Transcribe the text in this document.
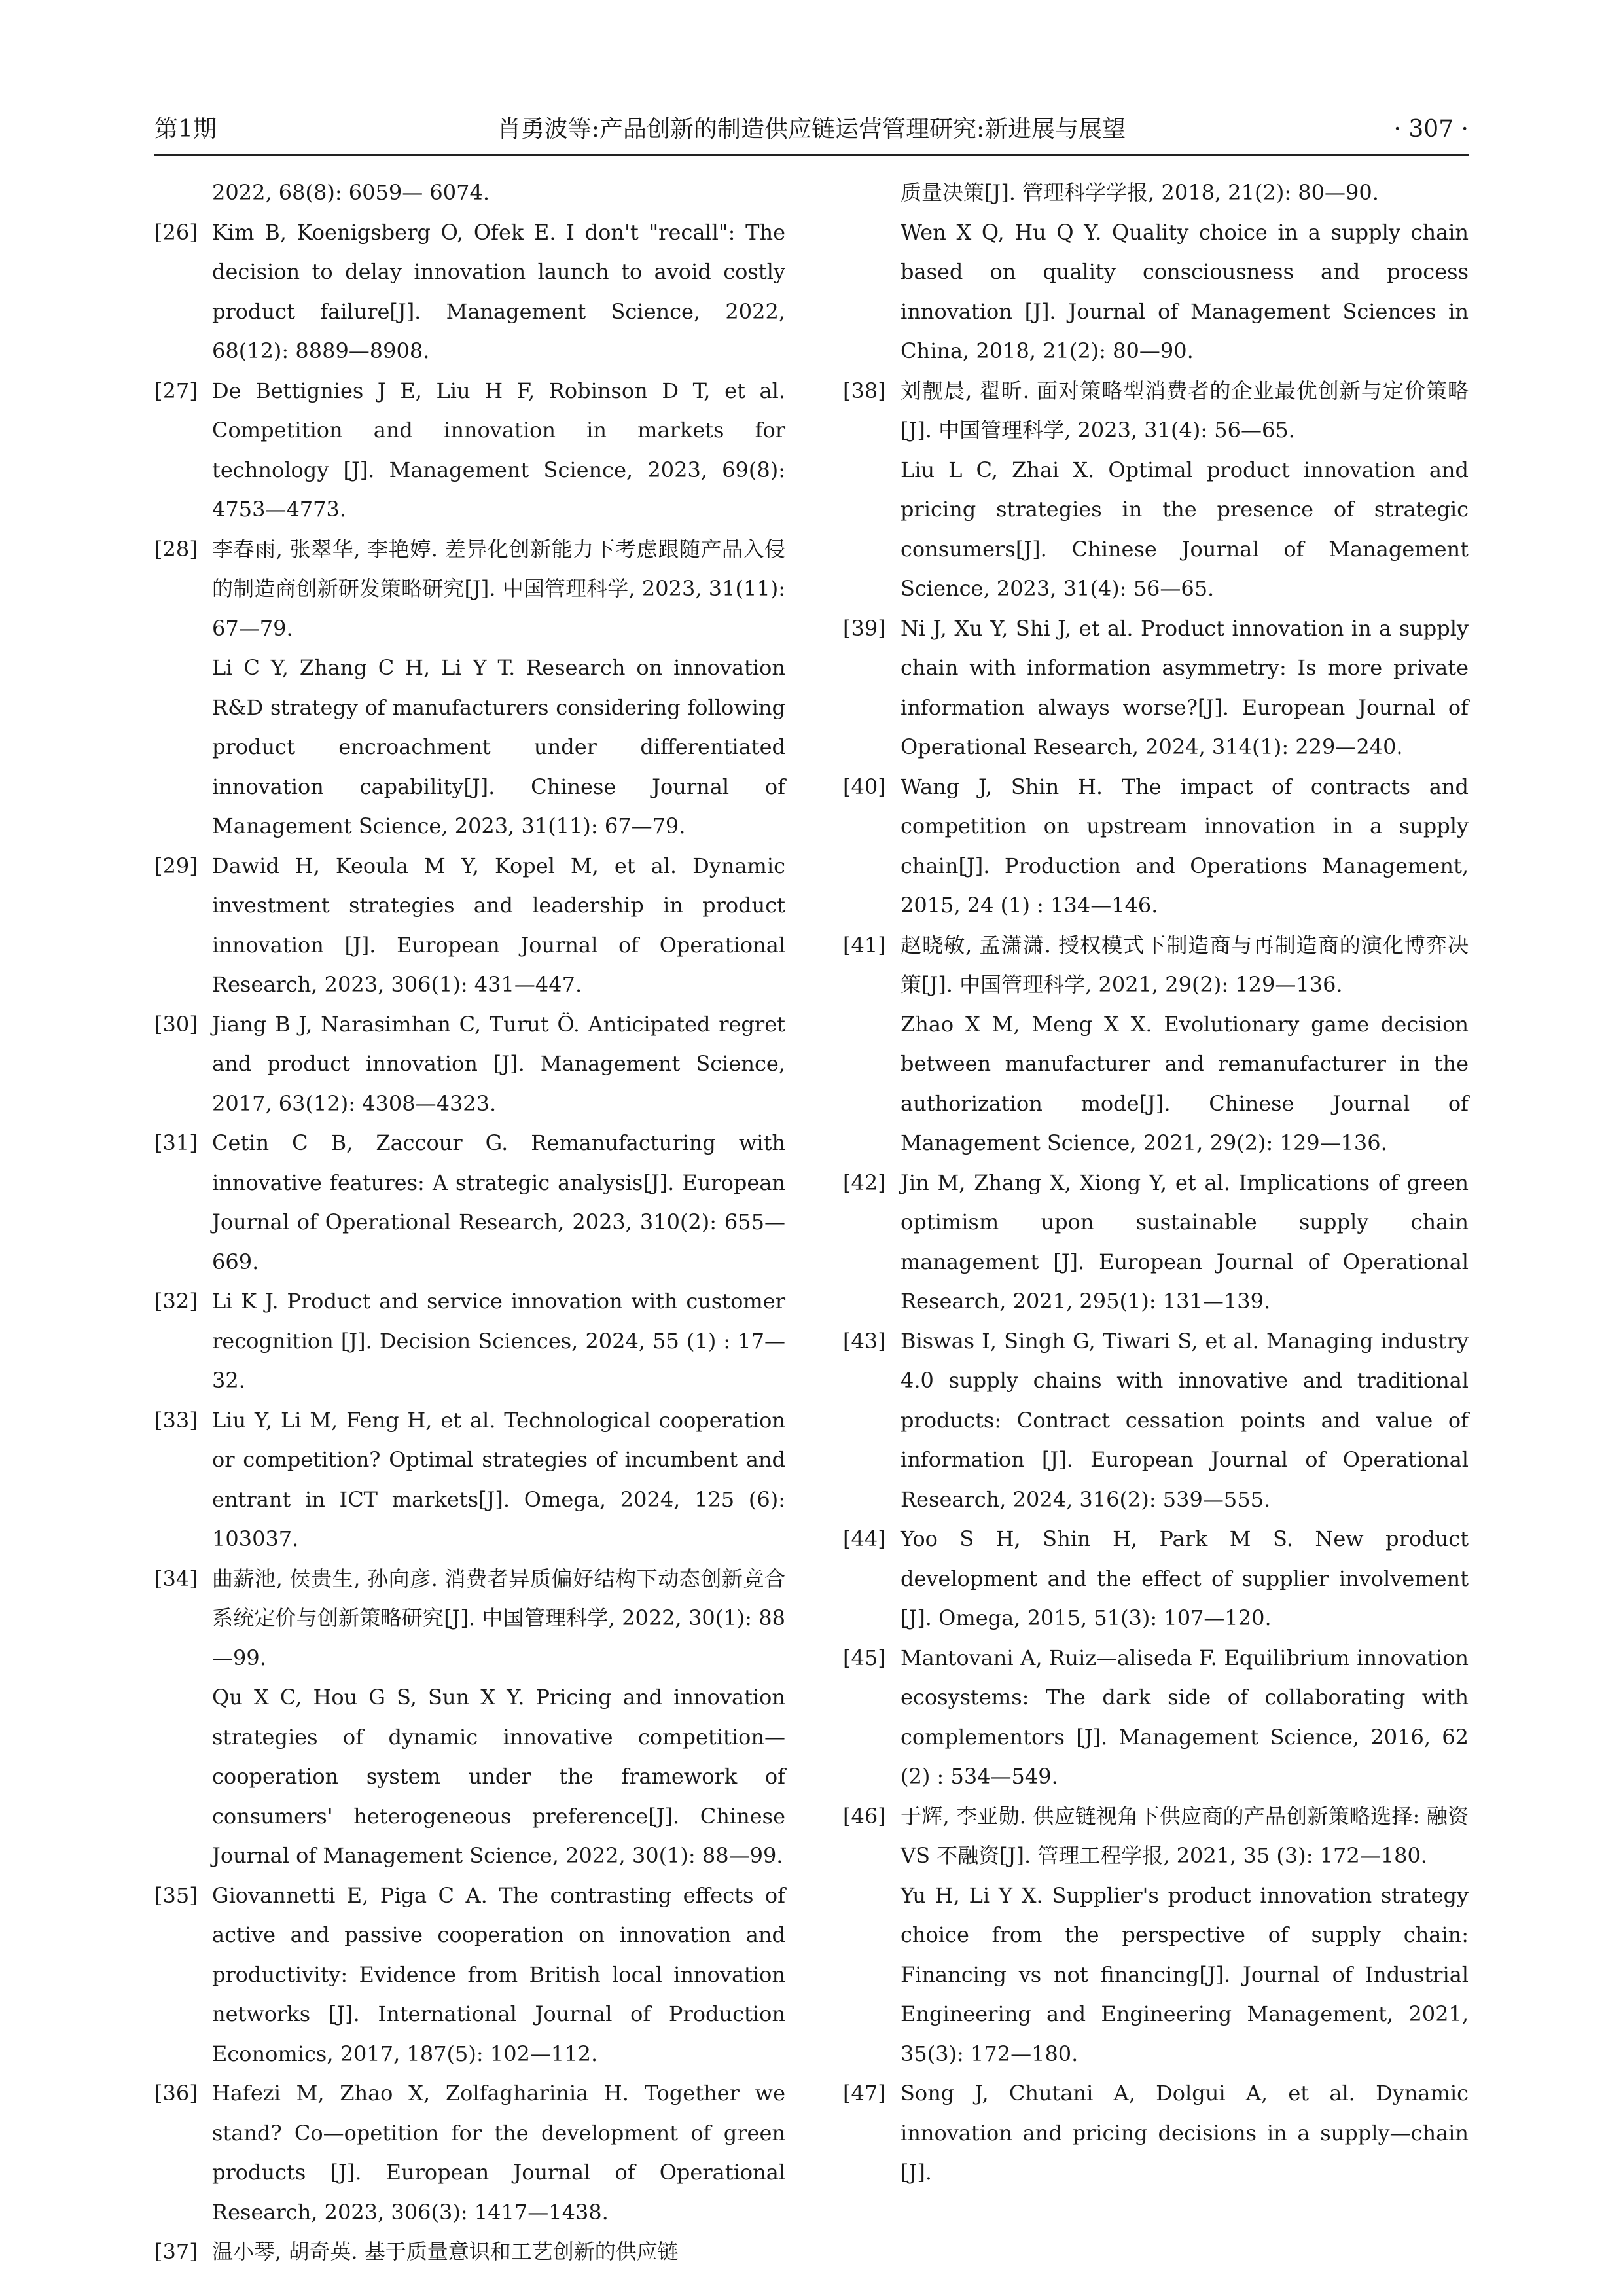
第1期	肖勇波等:产品创新的制造供应链运营管理研究:新进展与展望	· 307 ·
2022, 68(8): 6059— 6074.
[26] Kim B, Koenigsberg O, Ofek E. I don't "recall": The decision to delay innovation launch to avoid costly product failure[J]. Management Science, 2022, 68(12): 8889—8908.
[27] De Bettignies J E, Liu H F, Robinson D T, et al. Competition and innovation in markets for technology [J]. Management Science, 2023, 69(8): 4753—4773.
[28] 李春雨, 张翠华, 李艳婷. 差异化创新能力下考虑跟随产品入侵的制造商创新研发策略研究[J]. 中国管理科学, 2023, 31(11): 67—79.
Li C Y, Zhang C H, Li Y T. Research on innovation R&D strategy of manufacturers considering following product encroachment under differentiated innovation capability[J]. Chinese Journal of Management Science, 2023, 31(11): 67—79.
[29] Dawid H, Keoula M Y, Kopel M, et al. Dynamic investment strategies and leadership in product innovation [J]. European Journal of Operational Research, 2023, 306(1): 431—447.
[30] Jiang B J, Narasimhan C, Turut Ö. Anticipated regret and product innovation [J]. Management Science, 2017, 63(12): 4308—4323.
[31] Cetin C B, Zaccour G. Remanufacturing with innovative features: A strategic analysis[J]. European Journal of Operational Research, 2023, 310(2): 655—669.
[32] Li K J. Product and service innovation with customer recognition [J]. Decision Sciences, 2024, 55 (1) : 17—32.
[33] Liu Y, Li M, Feng H, et al. Technological cooperation or competition? Optimal strategies of incumbent and entrant in ICT markets[J]. Omega, 2024, 125 (6): 103037.
[34] 曲薪池, 侯贵生, 孙向彦. 消费者异质偏好结构下动态创新竞合系统定价与创新策略研究[J]. 中国管理科学, 2022, 30(1): 88—99.
Qu X C, Hou G S, Sun X Y. Pricing and innovation strategies of dynamic innovative competition—cooperation system under the framework of consumers' heterogeneous preference[J]. Chinese Journal of Management Science, 2022, 30(1): 88—99.
[35] Giovannetti E, Piga C A. The contrasting effects of active and passive cooperation on innovation and productivity: Evidence from British local innovation networks [J]. International Journal of Production Economics, 2017, 187(5): 102—112.
[36] Hafezi M, Zhao X, Zolfagharinia H. Together we stand? Co—opetition for the development of green products [J]. European Journal of Operational Research, 2023, 306(3): 1417—1438.
[37] 温小琴, 胡奇英. 基于质量意识和工艺创新的供应链
质量决策[J]. 管理科学学报, 2018, 21(2): 80—90.
Wen X Q, Hu Q Y. Quality choice in a supply chain based on quality consciousness and process innovation [J]. Journal of Management Sciences in China, 2018, 21(2): 80—90.
[38] 刘靓晨, 翟昕. 面对策略型消费者的企业最优创新与定价策略[J]. 中国管理科学, 2023, 31(4): 56—65.
Liu L C, Zhai X. Optimal product innovation and pricing strategies in the presence of strategic consumers[J]. Chinese Journal of Management Science, 2023, 31(4): 56—65.
[39] Ni J, Xu Y, Shi J, et al. Product innovation in a supply chain with information asymmetry: Is more private information always worse?[J]. European Journal of Operational Research, 2024, 314(1): 229—240.
[40] Wang J, Shin H. The impact of contracts and competition on upstream innovation in a supply chain[J]. Production and Operations Management, 2015, 24 (1) : 134—146.
[41] 赵晓敏, 孟潇潇. 授权模式下制造商与再制造商的演化博弈决策[J]. 中国管理科学, 2021, 29(2): 129—136.
Zhao X M, Meng X X. Evolutionary game decision between manufacturer and remanufacturer in the authorization mode[J]. Chinese Journal of Management Science, 2021, 29(2): 129—136.
[42] Jin M, Zhang X, Xiong Y, et al. Implications of green optimism upon sustainable supply chain management [J]. European Journal of Operational Research, 2021, 295(1): 131—139.
[43] Biswas I, Singh G, Tiwari S, et al. Managing industry 4.0 supply chains with innovative and traditional products: Contract cessation points and value of information [J]. European Journal of Operational Research, 2024, 316(2): 539—555.
[44] Yoo S H, Shin H, Park M S. New product development and the effect of supplier involvement [J]. Omega, 2015, 51(3): 107—120.
[45] Mantovani A, Ruiz—aliseda F. Equilibrium innovation ecosystems: The dark side of collaborating with complementors [J]. Management Science, 2016, 62 (2) : 534—549.
[46] 于辉, 李亚勋. 供应链视角下供应商的产品创新策略选择: 融资 VS 不融资[J]. 管理工程学报, 2021, 35 (3): 172—180.
Yu H, Li Y X. Supplier's product innovation strategy choice from the perspective of supply chain: Financing vs not financing[J]. Journal of Industrial Engineering and Engineering Management, 2021, 35(3): 172—180.
[47] Song J, Chutani A, Dolgui A, et al. Dynamic innovation and pricing decisions in a supply—chain [J].
